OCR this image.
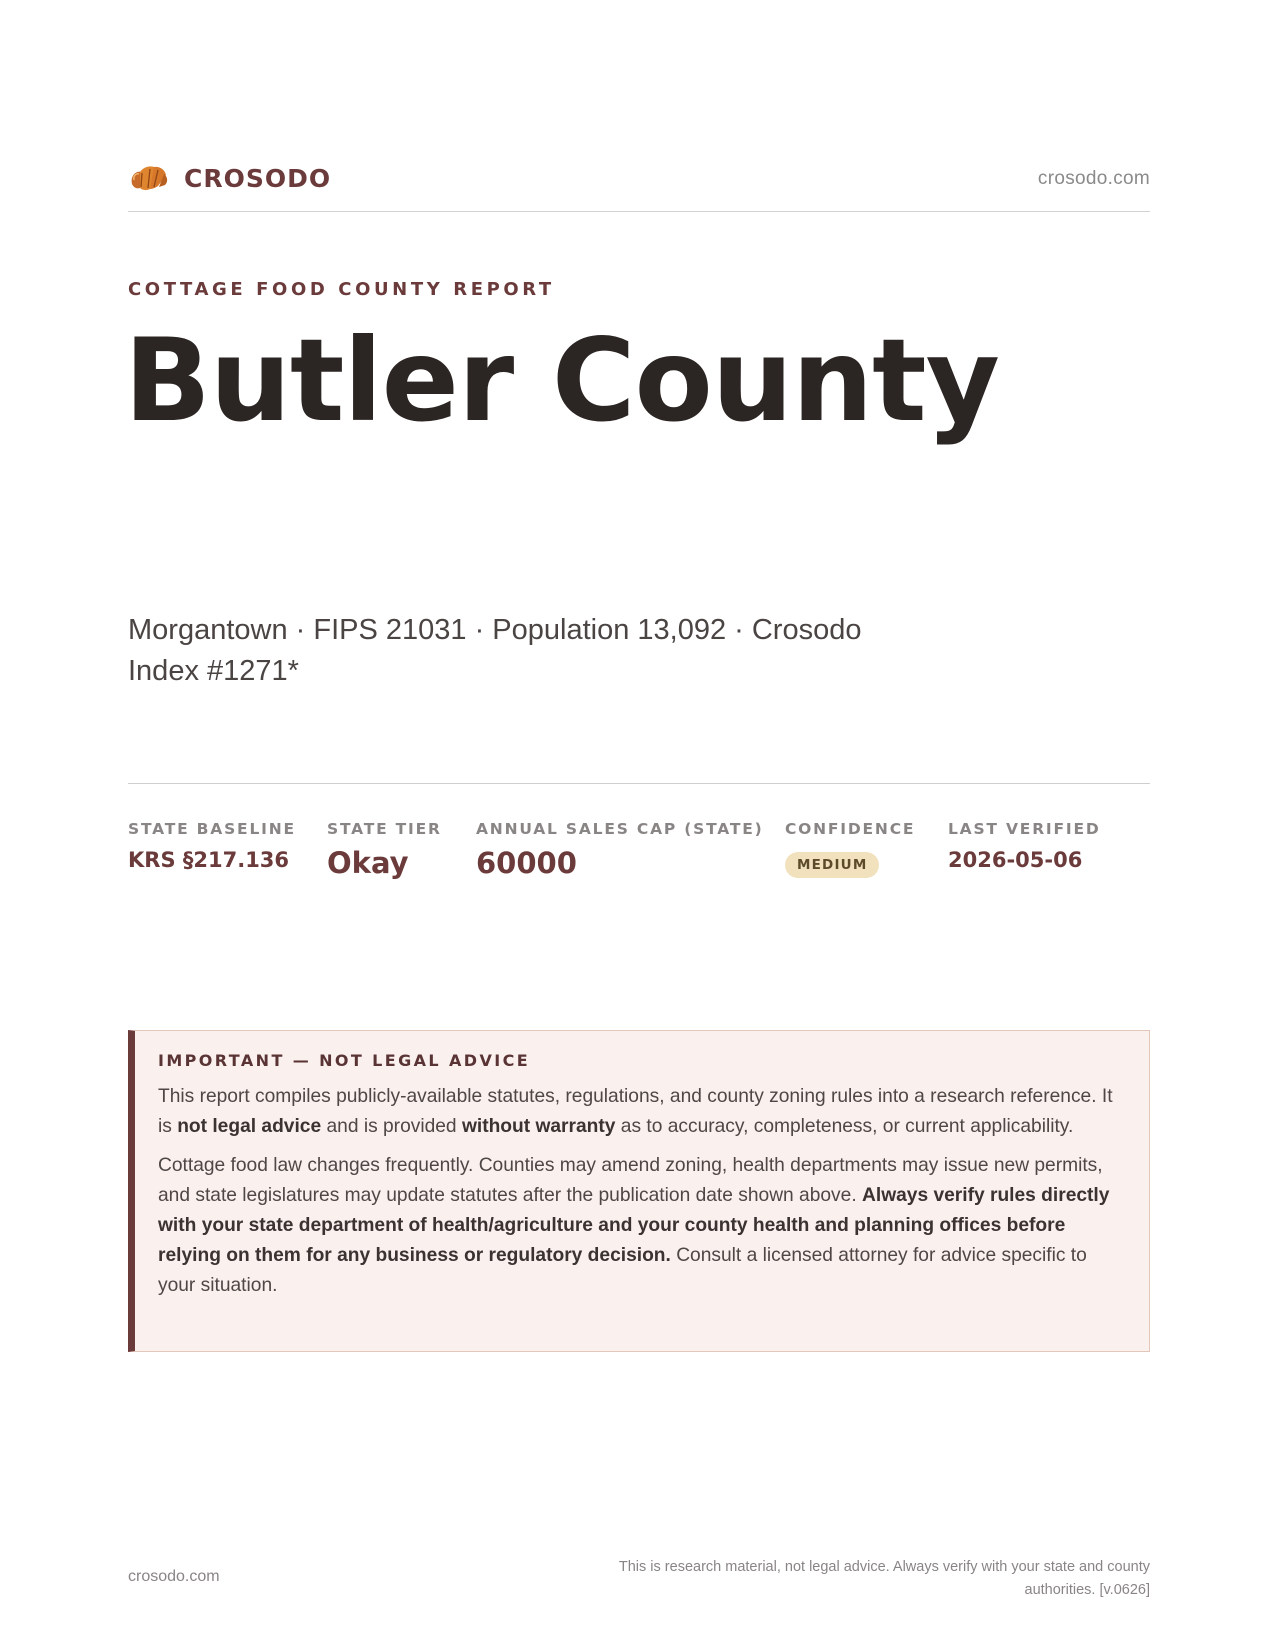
CROSODO	crosodo.com
COTTAGE FOOD COUNTY REPORT
Butler County
Morgantown · FIPS 21031 · Population 13,092 · Crosodo Index #1271*
STATE BASELINE
KRS §217.136
STATE TIER
Okay
ANNUAL SALES CAP (STATE)
60000
CONFIDENCE
MEDIUM
LAST VERIFIED
2026-05-06
IMPORTANT — NOT LEGAL ADVICE

This report compiles publicly-available statutes, regulations, and county zoning rules into a research reference. It is not legal advice and is provided without warranty as to accuracy, completeness, or current applicability.

Cottage food law changes frequently. Counties may amend zoning, health departments may issue new permits, and state legislatures may update statutes after the publication date shown above. Always verify rules directly with your state department of health/agriculture and your county health and planning offices before relying on them for any business or regulatory decision. Consult a licensed attorney for advice specific to your situation.

crosodo.com
This is research material, not legal advice. Always verify with your state and county authorities. [v.0626]
